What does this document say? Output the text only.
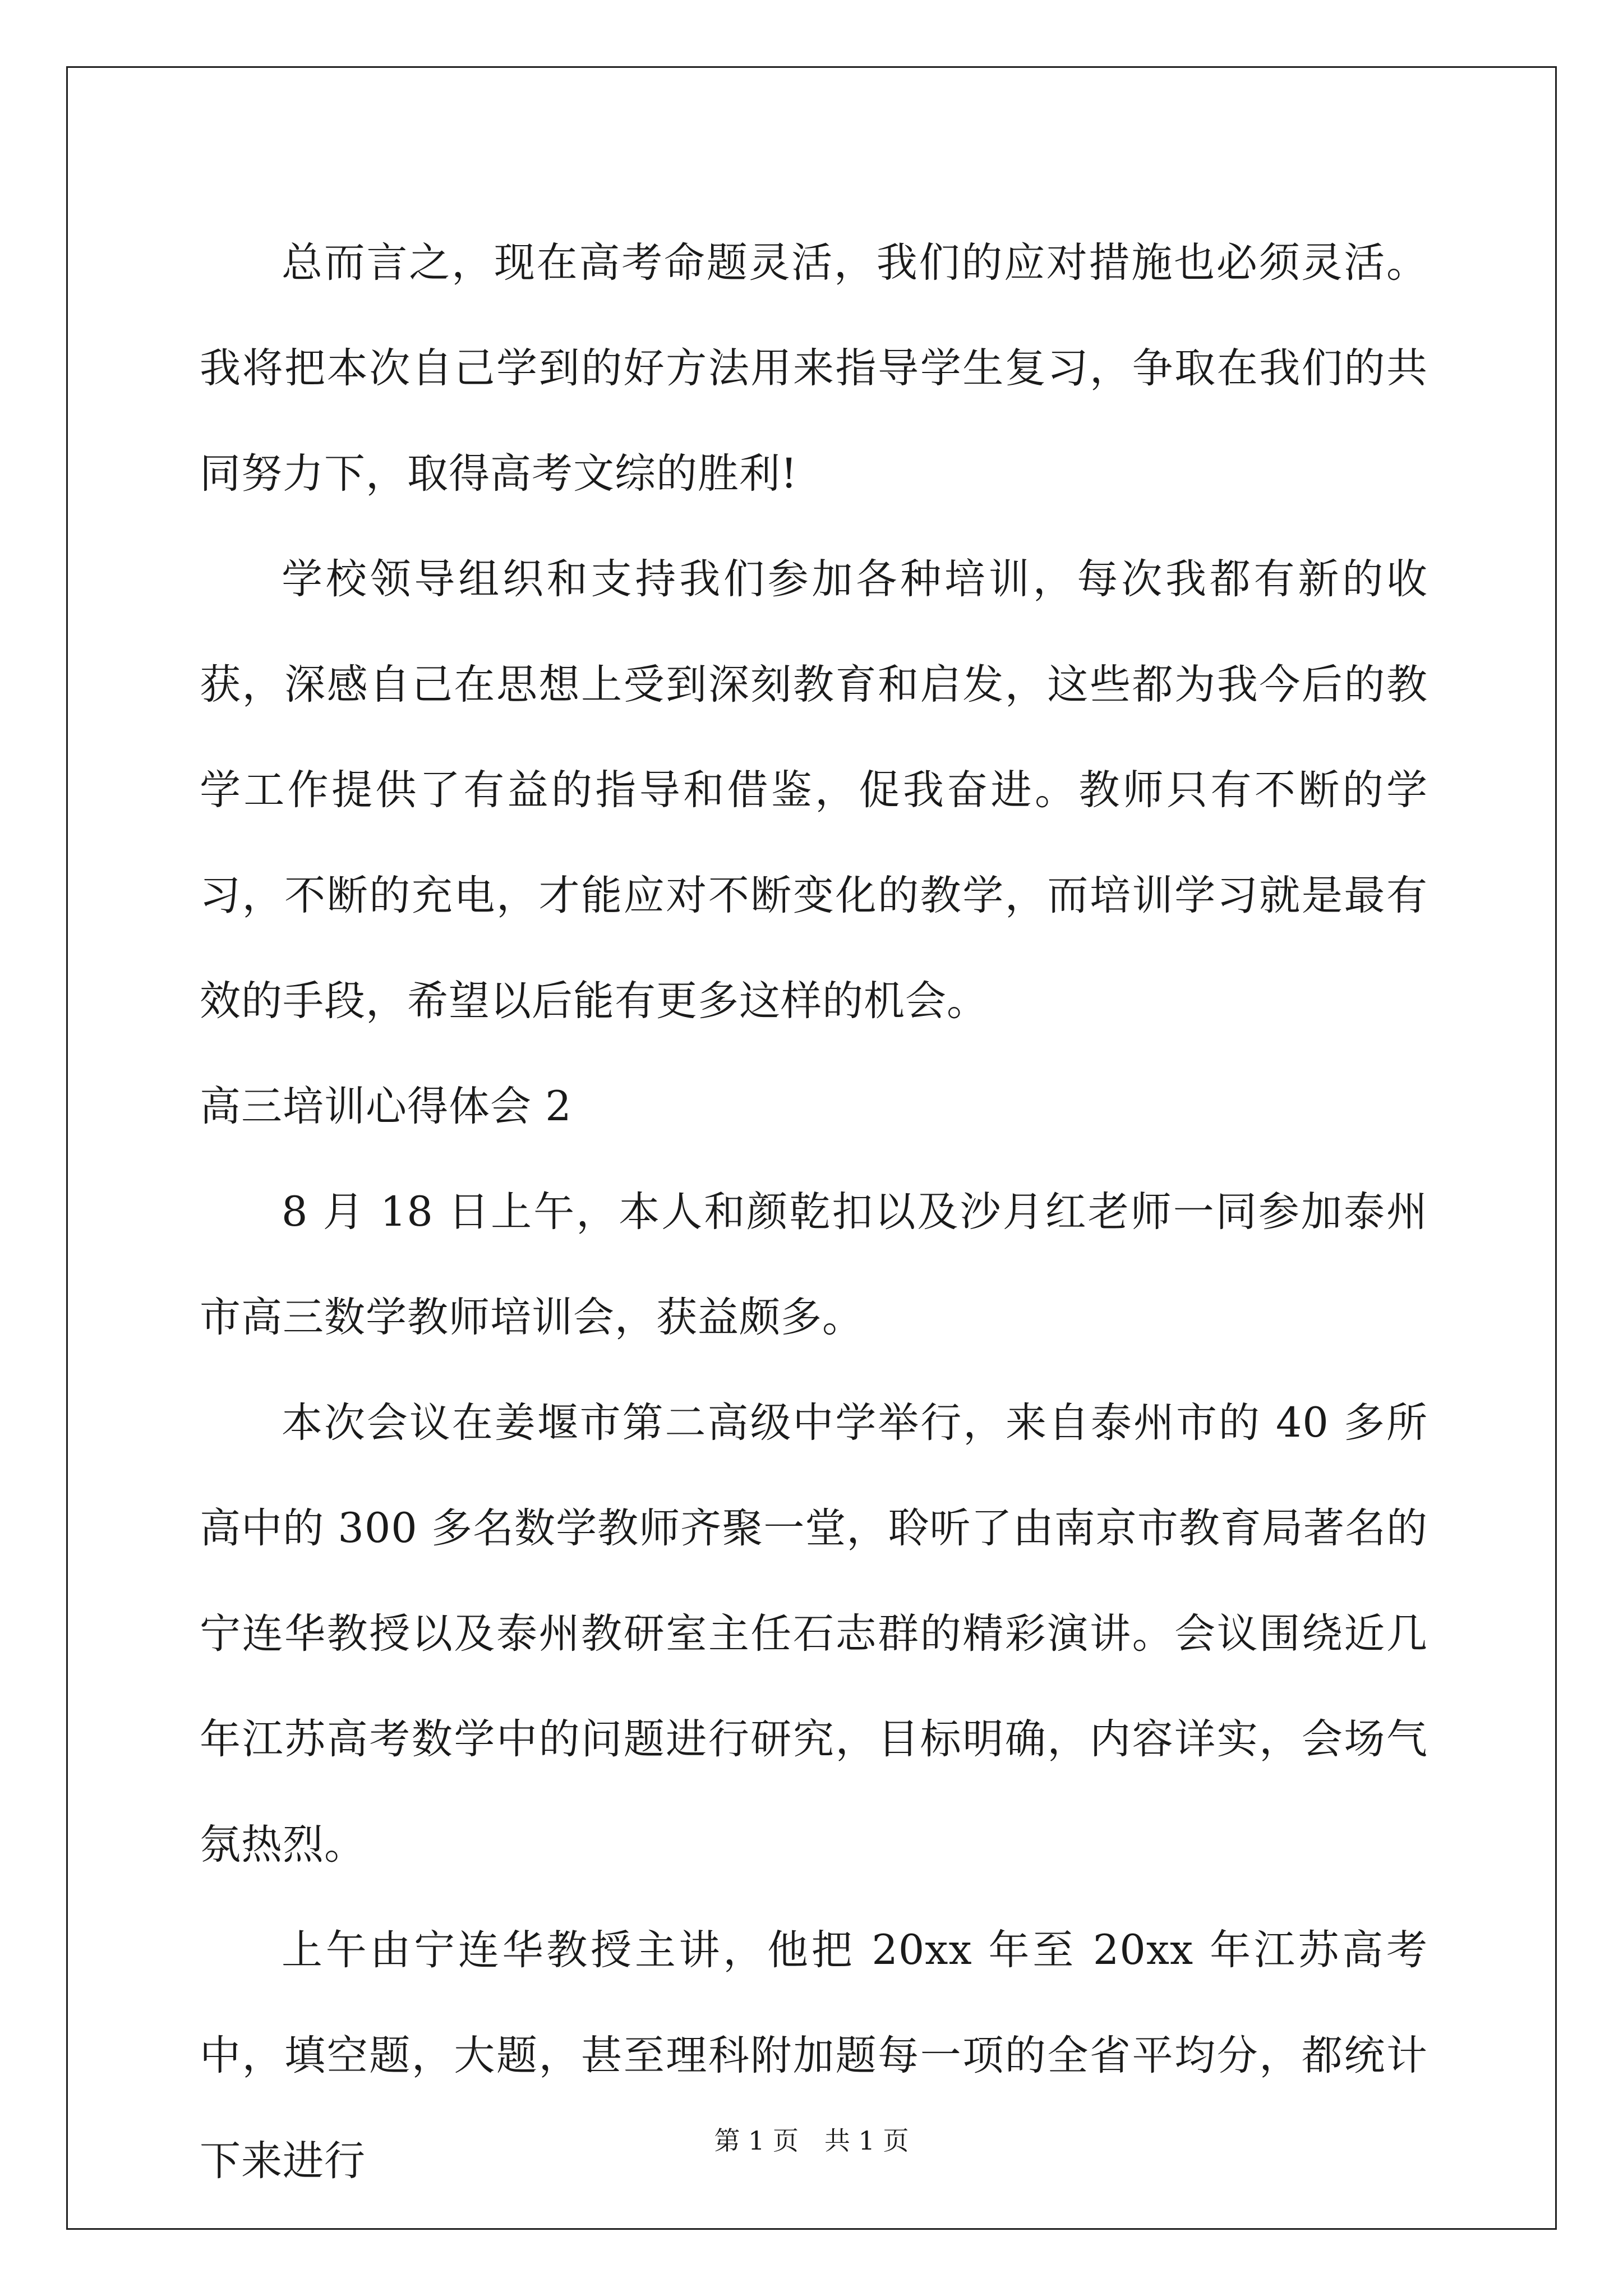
总而言之，现在高考命题灵活，我们的应对措施也必须灵活。我将把本次自己学到的好方法用来指导学生复习，争取在我们的共同努力下，取得高考文综的胜利!

学校领导组织和支持我们参加各种培训，每次我都有新的收获，深感自己在思想上受到深刻教育和启发，这些都为我今后的教学工作提供了有益的指导和借鉴，促我奋进。教师只有不断的学习，不断的充电，才能应对不断变化的教学，而培训学习就是最有效的手段，希望以后能有更多这样的机会。

高三培训心得体会 2

8 月 18 日上午，本人和颜乾扣以及沙月红老师一同参加泰州市高三数学教师培训会，获益颇多。

本次会议在姜堰市第二高级中学举行，来自泰州市的 40 多所高中的 300 多名数学教师齐聚一堂，聆听了由南京市教育局著名的宁连华教授以及泰州教研室主任石志群的精彩演讲。会议围绕近几年江苏高考数学中的问题进行研究，目标明确，内容详实，会场气氛热烈。

上午由宁连华教授主讲，他把 20xx 年至 20xx 年江苏高考中，填空题，大题，甚至理科附加题每一项的全省平均分，都统计下来进行	第 1 页　共 1 页
